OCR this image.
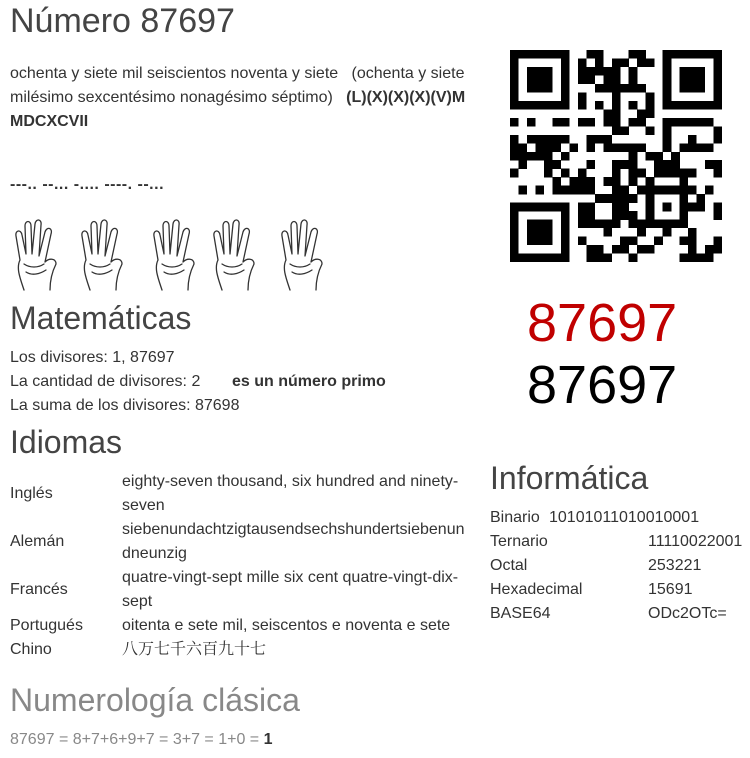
Número 87697
ochenta y siete mil seiscientos noventa y siete (ochenta y siete milésimo sexcentésimo nonagésimo séptimo) (L)(X)(X)(X)(V)M MDCXCVII
---.. --... -.... ----. --...
87697
87697
Matemáticas
Los divisores: 1, 87697
La cantidad de divisores: 2 es un número primo
La suma de los divisores: 87698
Idiomas
Inglés
eighty-seven thousand, six hundred and ninety-seven
Alemán
siebenundachtzigtausendsechshundertsiebenun dneunzig
Francés
quatre-vingt-sept mille six cent quatre-vingt-dix-sept
Portugués oitenta e sete mil, seiscentos e noventa e sete
Chino	八万七千六百九十七
Informática
Binario 10101011010010001
Ternario	11110022001
Octal	253221
Hexadecimal	15691
BASE64	ODc2OTc=
Numerología clásica
87697 = 8+7+6+9+7 = 3+7 = 1+0 = 1
